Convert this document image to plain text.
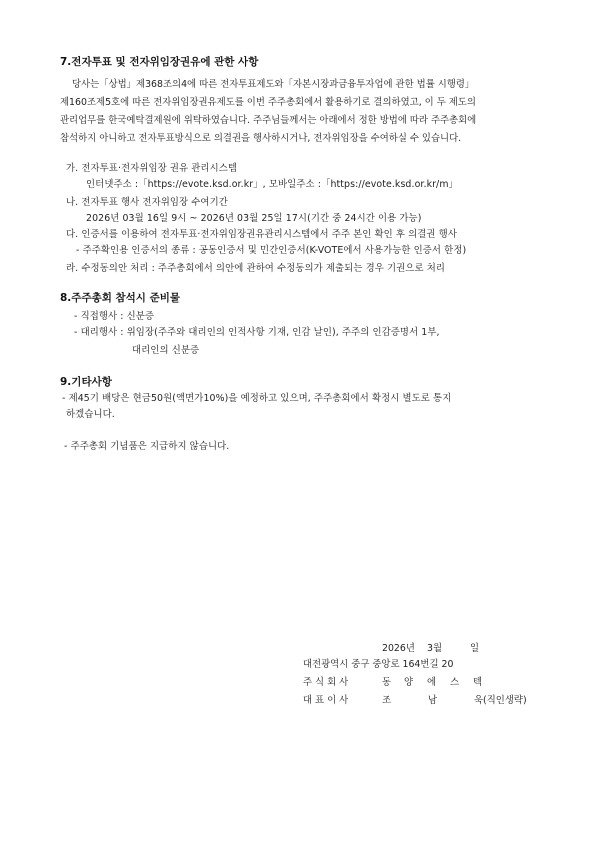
7.전자투표 및 전자위임장권유에 관한 사항
당사는「상법」제368조의4에 따른 전자투표제도와「자본시장과금융투자업에 관한 법률 시행령」
제160조제5호에 따른 전자위임장권유제도를 이번 주주총회에서 활용하기로 결의하였고, 이 두 제도의
관리업무를 한국예탁결제원에 위탁하였습니다. 주주님들께서는 아래에서 정한 방법에 따라 주주총회에
참석하지 아니하고 전자투표방식으로 의결권을 행사하시거나, 전자위임장을 수여하실 수 있습니다.
가. 전자투표·전자위임장 권유 관리시스템
인터넷주소 :「https://evote.ksd.or.kr」, 모바일주소 :「https://evote.ksd.or.kr/m」
나. 전자투표 행사 전자위임장 수여기간
2026년 03월 16일 9시 ~ 2026년 03월 25일 17시(기간 중 24시간 이용 가능)
다. 인증서를 이용하여 전자투표·전자위임장권유관리시스템에서 주주 본인 확인 후 의결권 행사
- 주주확인용 인증서의 종류 : 공동인증서 및 민간인증서(K-VOTE에서 사용가능한 인증서 한정)
라. 수정동의안 처리 : 주주총회에서 의안에 관하여 수정동의가 제출되는 경우 기권으로 처리
8.주주총회 참석시 준비물
- 직접행사 : 신분증
- 대리행사 : 위임장(주주와 대리인의 인적사항 기재, 인감 날인), 주주의 인감증명서 1부,
대리인의 신분증
9.기타사항
- 제45기 배당은 현금50원(액면가10%)을 예정하고 있으며, 주주총회에서 확정시 별도로 통지
하겠습니다.
- 주주총회 기념품은 지급하지 않습니다.
2026년 3월	일
대전광역시 중구 중앙로 164번길 20
주 식 회 사	동 양 에 스 텍
대 표 이 사	조	남	욱(직인생략)
